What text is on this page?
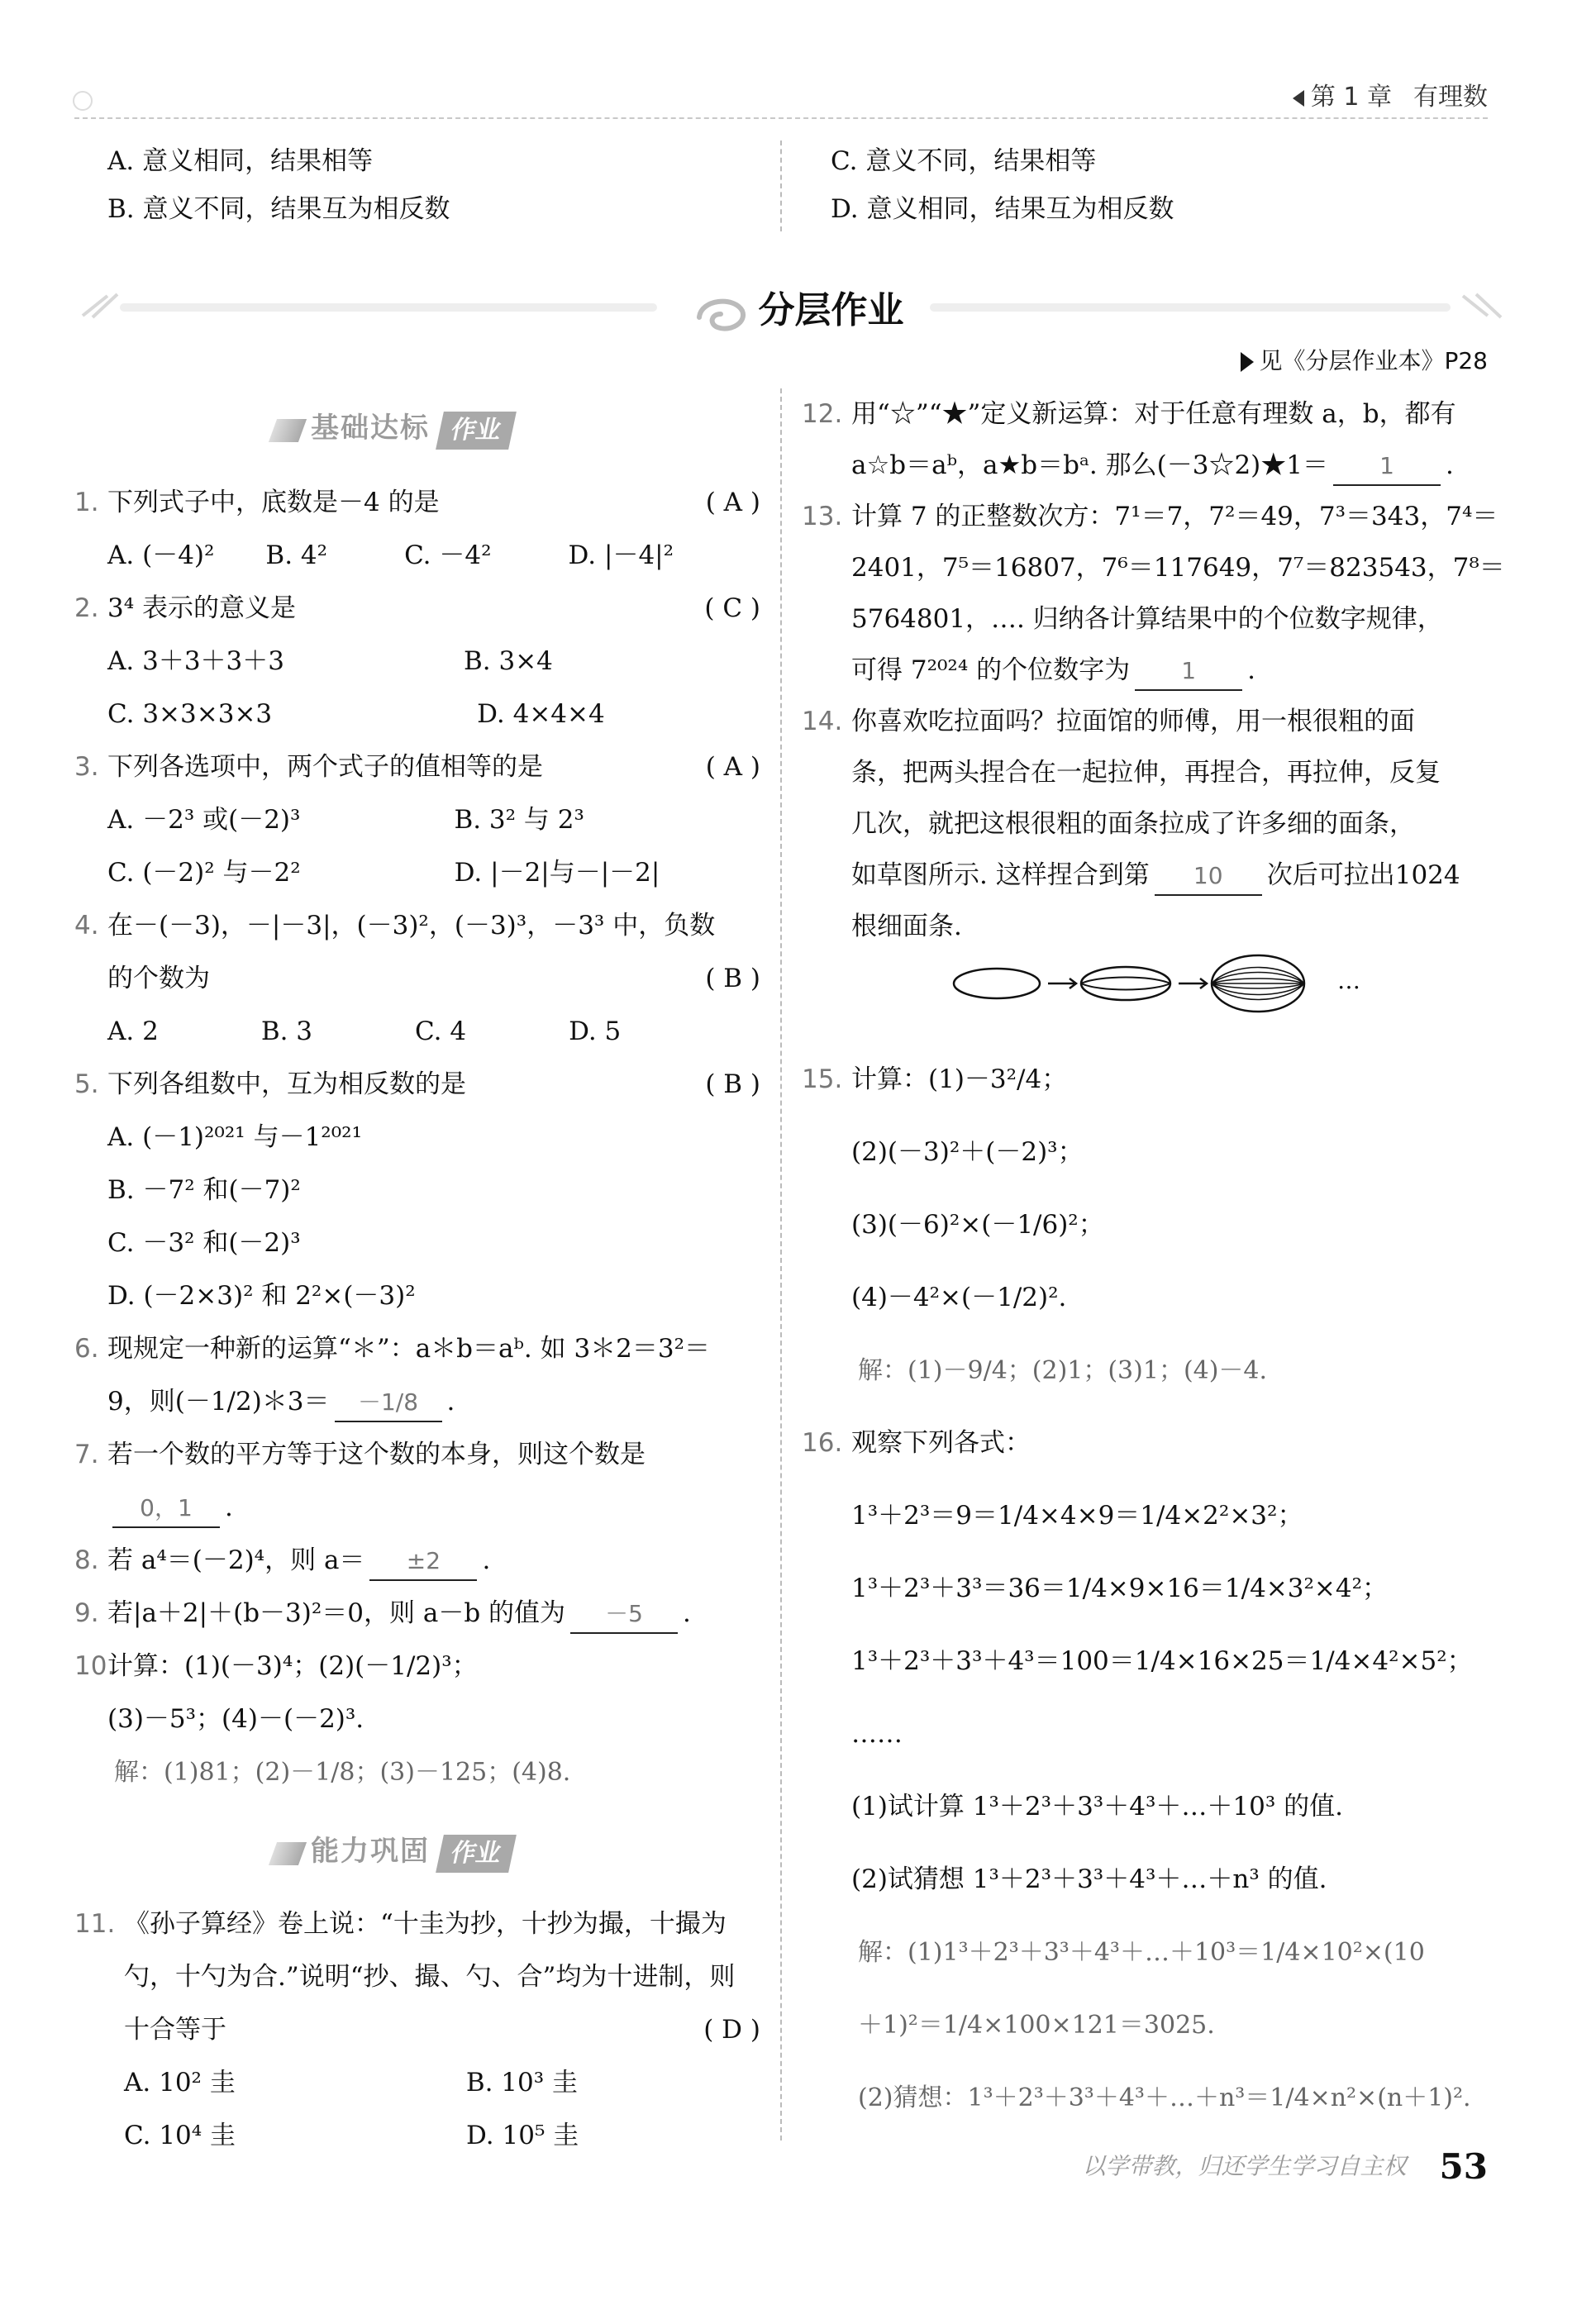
第 1 章 有理数
A. 意义相同，结果相等
B. 意义不同，结果互为相反数
C. 意义不同，结果相等
D. 意义相同，结果互为相反数
分层作业
见《分层作业本》P28
基础达标 作业
1. 下列式子中，底数是－4 的是	( A )
A. (－4)²　　B. 4²　　　C. －4²　　　D. |－4|²
2. 3⁴ 表示的意义是	( C )
A. 3＋3＋3＋3　　　　　　　B. 3×4
C. 3×3×3×3　　　　　　　　D. 4×4×4
3. 下列各选项中，两个式子的值相等的是	( A )
A. －2³ 或(－2)³　　　　　　B. 3² 与 2³
C. (－2)² 与－2²　　　　　　D. |－2|与－|－2|
4. 在－(－3)，－|－3|，(－3)²，(－3)³，－3³ 中，负数
的个数为	( B )
A. 2　　　　B. 3　　　　C. 4　　　　D. 5
5. 下列各组数中，互为相反数的是	( B )
A. (－1)²⁰²¹ 与－1²⁰²¹
B. －7² 和(－7)²
C. －3² 和(－2)³
D. (－2×3)² 和 2²×(－3)²
6. 现规定一种新的运算“＊”：a＊b＝aᵇ. 如 3＊2＝3²＝
9，则(－1/2)＊3＝ －1/8 .
7. 若一个数的平方等于这个数的本身，则这个数是
0，1 .
8. 若 a⁴＝(－2)⁴，则 a＝ ±2 .
9. 若|a＋2|＋(b－3)²＝0，则 a－b 的值为 －5 .
10.
计算：(1)(－3)⁴；(2)(－1/2)³；
(3)－5³；(4)－(－2)³.
解：(1)81；(2)－1/8；(3)－125；(4)8.
能力巩固 作业
11. 《孙子算经》卷上说：“十圭为抄，十抄为撮，十撮为
勺，十勺为合.”说明“抄、撮、勺、合”均为十进制，则
十合等于	( D )
A. 10² 圭　　　　　　　　　B. 10³ 圭
C. 10⁴ 圭　　　　　　　　　D. 10⁵ 圭
12. 用“☆”“★”定义新运算：对于任意有理数 a，b，都有
a☆b＝aᵇ，a★b＝bᵃ. 那么(－3☆2)★1＝ 1 .
13. 计算 7 的正整数次方：7¹＝7，7²＝49，7³＝343，7⁴＝
2401，7⁵＝16807，7⁶＝117649，7⁷＝823543，7⁸＝
5764801，…. 归纳各计算结果中的个位数字规律，
可得 7²⁰²⁴ 的个位数字为 1 .
14. 你喜欢吃拉面吗？拉面馆的师傅，用一根很粗的面
条，把两头捏合在一起拉伸，再捏合，再拉伸，反复
几次，就把这根很粗的面条拉成了许多细的面条，
如草图所示. 这样捏合到第 10 次后可拉出1024
根细面条.
…
15. 计算：(1)－3²/4；
(2)(－3)²＋(－2)³；
(3)(－6)²×(－1/6)²；
(4)－4²×(－1/2)².
解：(1)－9/4；(2)1；(3)1；(4)－4.
16. 观察下列各式：
1³＋2³＝9＝1/4×4×9＝1/4×2²×3²；
1³＋2³＋3³＝36＝1/4×9×16＝1/4×3²×4²；
1³＋2³＋3³＋4³＝100＝1/4×16×25＝1/4×4²×5²；
……
(1)试计算 1³＋2³＋3³＋4³＋…＋10³ 的值.
(2)试猜想 1³＋2³＋3³＋4³＋…＋n³ 的值.
解：(1)1³＋2³＋3³＋4³＋…＋10³＝1/4×10²×(10
＋1)²＝1/4×100×121＝3025.
(2)猜想：1³＋2³＋3³＋4³＋…＋n³＝1/4×n²×(n＋1)².
以学带教，归还学生学习自主权 53
